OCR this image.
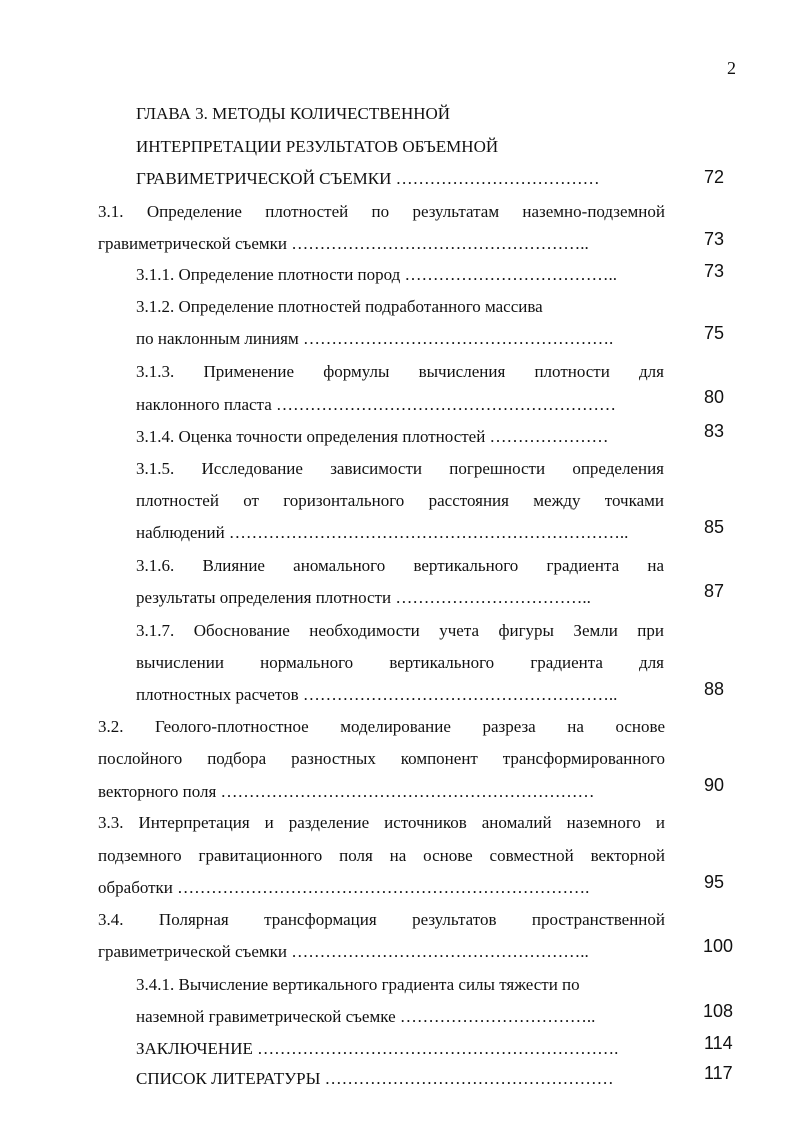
2
ГЛАВА 3. МЕТОДЫ КОЛИЧЕСТВЕННОЙ
ИНТЕРПРЕТАЦИИ РЕЗУЛЬТАТОВ ОБЪЕМНОЙ
ГРАВИМЕТРИЧЕСКОЙ СЪЕМКИ ………………………………	72
3.1. Определение плотностей по результатам наземно-подземной
гравиметрической съемки ……………………………………………..	73
3.1.1. Определение плотности пород ………………………………..	73
3.1.2. Определение плотностей подработанного массива
по наклонным линиям ……………………………………………….	75
3.1.3. Применение формулы вычисления плотности для
наклонного пласта ……………………………………………………	80
3.1.4. Оценка точности определения плотностей …………………	83
3.1.5. Исследование зависимости погрешности определения
плотностей от горизонтального расстояния между точками
наблюдений ……………………………………………………………..	85
3.1.6. Влияние аномального вертикального градиента на
результаты определения плотности ……………………………..	87
3.1.7. Обоснование необходимости учета фигуры Земли при
вычислении нормального вертикального градиента для
плотностных расчетов ………………………………………………..	88
3.2. Геолого-плотностное моделирование разреза на основе
послойного подбора разностных компонент трансформированного
векторного поля …………………………………………………………	90
3.3. Интерпретация и разделение источников аномалий наземного и
подземного гравитационного поля на основе совместной векторной
обработки ……………………………………………………………….	95
3.4. Полярная трансформация результатов пространственной
гравиметрической съемки ……………………………………………..	100
3.4.1. Вычисление вертикального градиента силы тяжести по
наземной гравиметрической съемке ……………………………..	108
ЗАКЛЮЧЕНИЕ ……………………………………………………….	114
СПИСОК ЛИТЕРАТУРЫ ……………………………………………	117
